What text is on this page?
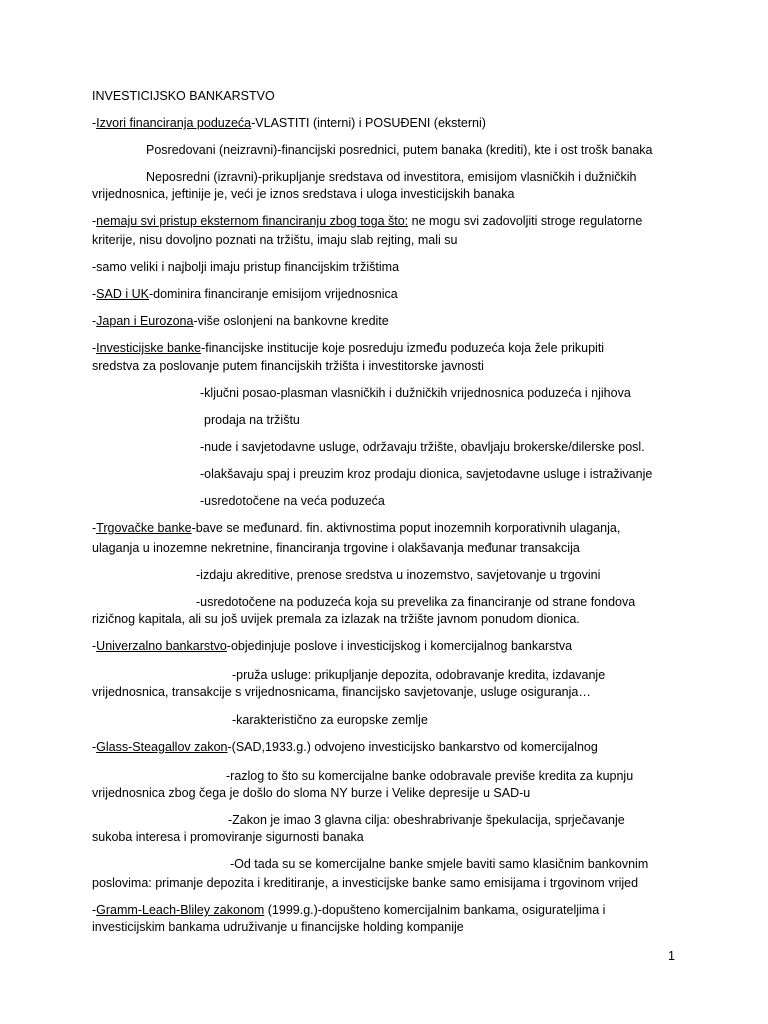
INVESTICIJSKO BANKARSTVO
-Izvori financiranja poduzeća-VLASTITI (interni) i POSUĐENI (eksterni)
Posredovani (neizravni)-financijski posrednici, putem banaka (krediti), kte i ost trošk banaka
Neposredni (izravni)-prikupljanje sredstava od investitora, emisijom vlasničkih i dužničkih
vrijednosnica, jeftinije je, veći je iznos sredstava i uloga investicijskih banaka
-nemaju svi pristup eksternom financiranju zbog toga što: ne mogu svi zadovoljiti stroge regulatorne
kriterije, nisu dovoljno poznati na tržištu, imaju slab rejting, mali su
-samo veliki i najbolji imaju pristup financijskim tržištima
-SAD i UK-dominira financiranje emisijom vrijednosnica
-Japan i Eurozona-više oslonjeni na bankovne kredite
-Investicijske banke-financijske institucije koje posreduju između poduzeća koja žele prikupiti
sredstva za poslovanje putem financijskih tržišta i investitorske javnosti
-ključni posao-plasman vlasničkih i dužničkih vrijednosnica poduzeća i njihova
prodaja na tržištu
-nude i savjetodavne usluge, održavaju tržište, obavljaju brokerske/dilerske posl.
-olakšavaju spaj i preuzim kroz prodaju dionica, savjetodavne usluge i istraživanje
-usredotočene na veća poduzeća
-Trgovačke banke-bave se međunard. fin. aktivnostima poput inozemnih korporativnih ulaganja,
ulaganja u inozemne nekretnine, financiranja trgovine i olakšavanja međunar transakcija
-izdaju akreditive, prenose sredstva u inozemstvo, savjetovanje u trgovini
-usredotočene na poduzeća koja su prevelika za financiranje od strane fondova
rizičnog kapitala, ali su još uvijek premala za izlazak na tržište javnom ponudom dionica.
-Univerzalno bankarstvo-objedinjuje poslove i investicijskog i komercijalnog bankarstva
-pruža usluge: prikupljanje depozita, odobravanje kredita, izdavanje
vrijednosnica, transakcije s vrijednosnicama, financijsko savjetovanje, usluge osiguranja…
-karakteristično za europske zemlje
-Glass-Steagallov zakon-(SAD,1933.g.) odvojeno investicijsko bankarstvo od komercijalnog
-razlog to što su komercijalne banke odobravale previše kredita za kupnju
vrijednosnica zbog čega je došlo do sloma NY burze i Velike depresije u SAD-u
-Zakon je imao 3 glavna cilja: obeshrabrivanje špekulacija, sprječavanje
sukoba interesa i promoviranje sigurnosti banaka
-Od tada su se komercijalne banke smjele baviti samo klasičnim bankovnim
poslovima: primanje depozita i kreditiranje, a investicijske banke samo emisijama i trgovinom vrijed
-Gramm-Leach-Bliley zakonom (1999.g.)-dopušteno komercijalnim bankama, osigurateljima i
investicijskim bankama udruživanje u financijske holding kompanije
1
